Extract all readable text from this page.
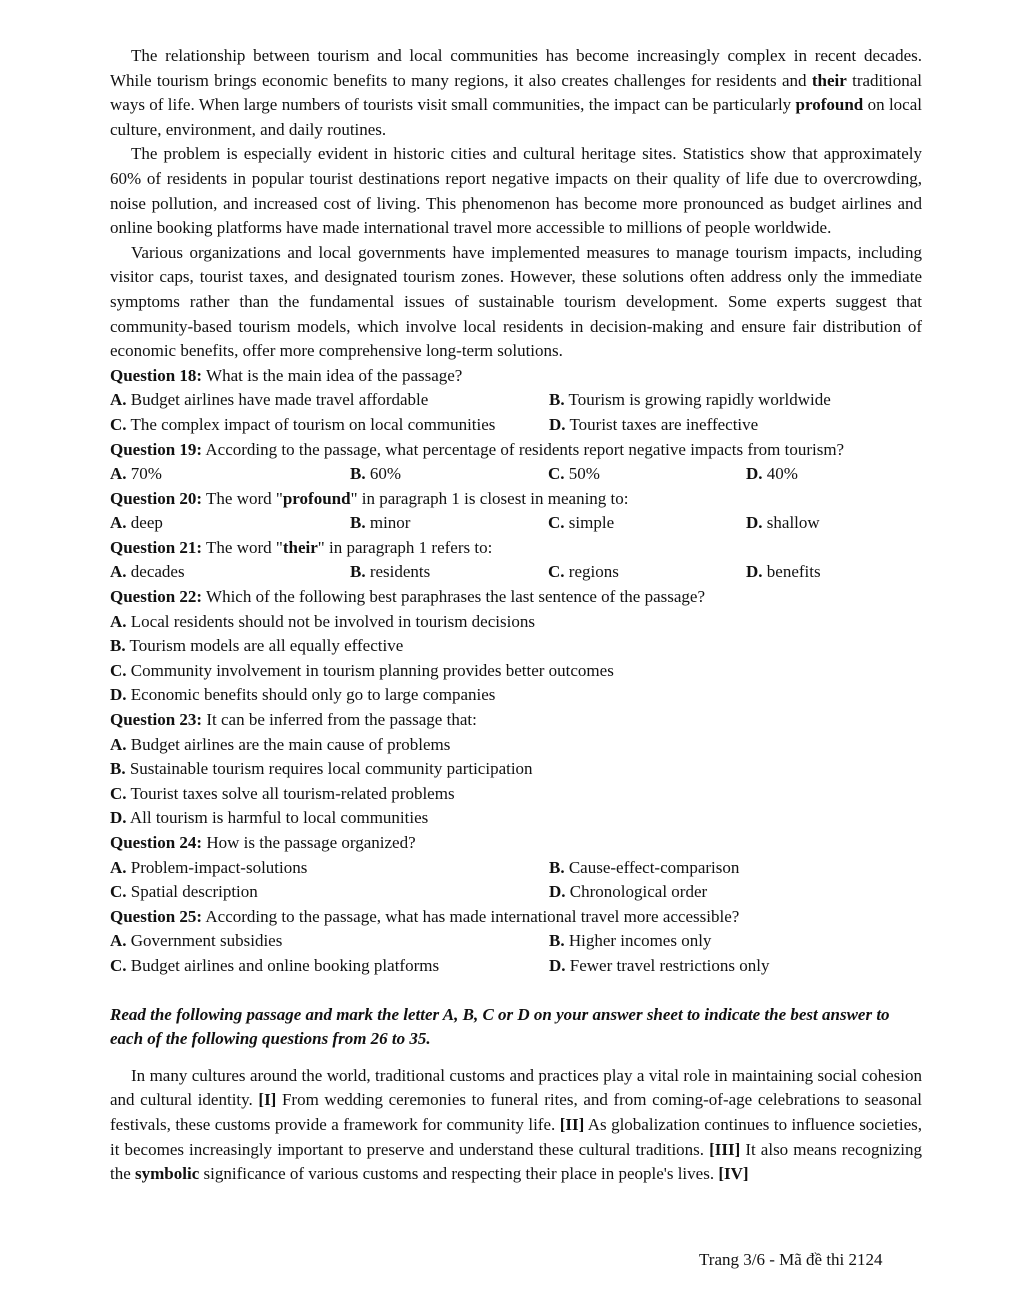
The relationship between tourism and local communities has become increasingly complex in recent decades. While tourism brings economic benefits to many regions, it also creates challenges for residents and their traditional ways of life. When large numbers of tourists visit small communities, the impact can be particularly profound on local culture, environment, and daily routines.

The problem is especially evident in historic cities and cultural heritage sites. Statistics show that approximately 60% of residents in popular tourist destinations report negative impacts on their quality of life due to overcrowding, noise pollution, and increased cost of living. This phenomenon has become more pronounced as budget airlines and online booking platforms have made international travel more accessible to millions of people worldwide.

Various organizations and local governments have implemented measures to manage tourism impacts, including visitor caps, tourist taxes, and designated tourism zones. However, these solutions often address only the immediate symptoms rather than the fundamental issues of sustainable tourism development. Some experts suggest that community-based tourism models, which involve local residents in decision-making and ensure fair distribution of economic benefits, offer more comprehensive long-term solutions.

Question 18: What is the main idea of the passage?
A. Budget airlines have made travel affordable	B. Tourism is growing rapidly worldwide
C. The complex impact of tourism on local communities	D. Tourist taxes are ineffective
Question 19: According to the passage, what percentage of residents report negative impacts from tourism?
A. 70%	B. 60%	C. 50%	D. 40%
Question 20: The word "profound" in paragraph 1 is closest in meaning to:
A. deep	B. minor	C. simple	D. shallow
Question 21: The word "their" in paragraph 1 refers to:
A. decades	B. residents	C. regions	D. benefits
Question 22: Which of the following best paraphrases the last sentence of the passage?
A. Local residents should not be involved in tourism decisions
B. Tourism models are all equally effective
C. Community involvement in tourism planning provides better outcomes
D. Economic benefits should only go to large companies
Question 23: It can be inferred from the passage that:
A. Budget airlines are the main cause of problems
B. Sustainable tourism requires local community participation
C. Tourist taxes solve all tourism-related problems
D. All tourism is harmful to local communities
Question 24: How is the passage organized?
A. Problem-impact-solutions	B. Cause-effect-comparison
C. Spatial description	D. Chronological order
Question 25: According to the passage, what has made international travel more accessible?
A. Government subsidies	B. Higher incomes only
C. Budget airlines and online booking platforms	D. Fewer travel restrictions only
Read the following passage and mark the letter A, B, C or D on your answer sheet to indicate the best answer to each of the following questions from 26 to 35.

In many cultures around the world, traditional customs and practices play a vital role in maintaining social cohesion and cultural identity. [I] From wedding ceremonies to funeral rites, and from coming-of-age celebrations to seasonal festivals, these customs provide a framework for community life. [II] As globalization continues to influence societies, it becomes increasingly important to preserve and understand these cultural traditions. [III] It also means recognizing the symbolic significance of various customs and respecting their place in people's lives. [IV]

Trang 3/6 - Mã đề thi 2124
